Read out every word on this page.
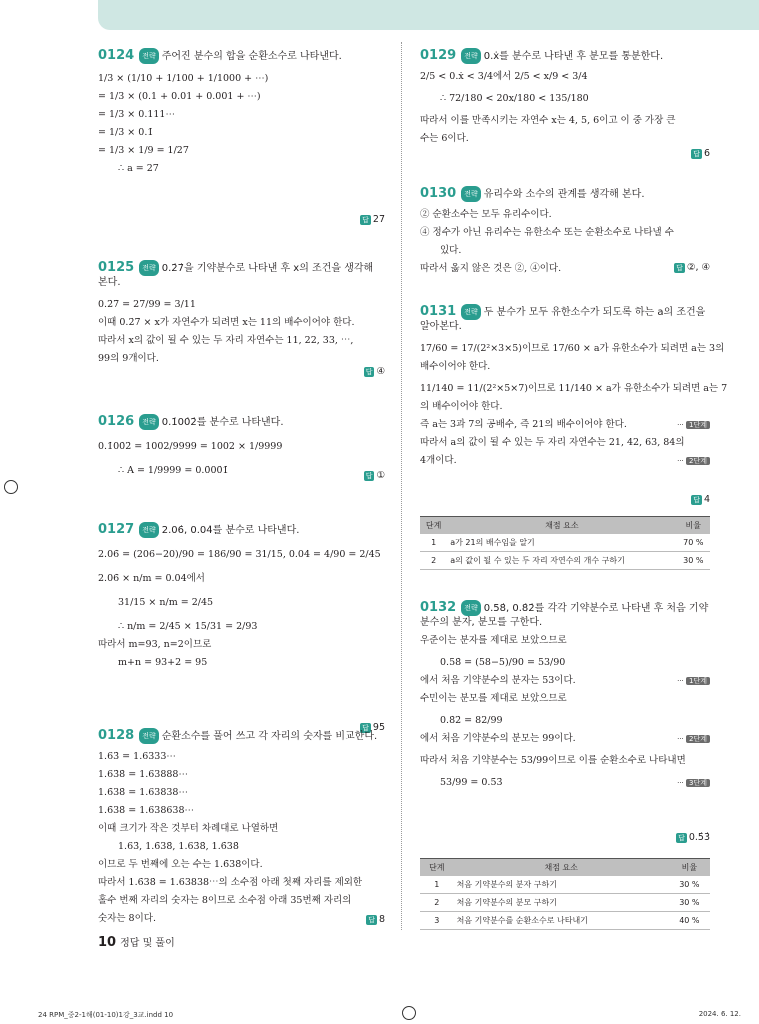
0124 전략 주어진 분수의 합을 순환소수로 나타낸다.
1/3 × (1/10 + 1/100 + 1/1000 + ⋯)
= 1/3 × (0.1 + 0.01 + 0.001 + ⋯)
= 1/3 × 0.111⋯
= 1/3 × 0.1̇
= 1/3 × 1/9 = 1/27
∴ a = 27
답 27
0125 전략 0.2̇7̇을 기약분수로 나타낸 후 x의 조건을 생각해 본다.
0.2̇7̇ = 27/99 = 3/11
이때 0.2̇7̇ × x가 자연수가 되려면 x는 11의 배수이어야 한다.
따라서 x의 값이 될 수 있는 두 자리 자연수는 11, 22, 33, ⋯,
99의 9개이다.
답 ④
0126 전략 0.1̇00̇2̇를 분수로 나타낸다.
0.1̇00̇2̇ = 1002/9999 = 1002 × 1/9999
∴ A = 1/9999 = 0.0̇00̇1̇	답 ①
0127 전략 2.06̇, 0.04̇를 분수로 나타낸다.
2.06̇ = (206−20)/90 = 186/90 = 31/15, 0.04̇ = 4/90 = 2/45
2.06̇ × n/m = 0.04̇에서
31/15 × n/m = 2/45
∴ n/m = 2/45 × 15/31 = 2/93
따라서 m=93, n=2이므로
m+n = 93+2 = 95
답 95
0128 전략 순환소수를 풀어 쓰고 각 자리의 숫자를 비교한다.
1.63̇ = 1.6333⋯
1.63̇8̇ = 1.63888⋯
1.6̇38̇ = 1.63838⋯
1.6̇38̇ = 1.638638⋯
이때 크기가 작은 것부터 차례대로 나열하면
1.63̇, 1.6̇38̇, 1.63̇8̇, 1.6̇38̇
이므로 두 번째에 오는 수는 1.6̇38̇이다.
따라서 1.6̇38̇ = 1.63838⋯의 소수점 아래 첫째 자리를 제외한
홀수 번째 자리의 숫자는 8이므로 소수점 아래 35번째 자리의
숫자는 8이다.	답 8
0129 전략 0.ẋ를 분수로 나타낸 후 분모를 통분한다.
2/5 < 0.ẋ < 3/4에서 2/5 < x/9 < 3/4
∴ 72/180 < 20x/180 < 135/180
따라서 이를 만족시키는 자연수 x는 4, 5, 6이고 이 중 가장 큰
수는 6이다.
답 6
0130 전략 유리수와 소수의 관계를 생각해 본다.
② 순환소수는 모두 유리수이다.
④ 정수가 아닌 유리수는 유한소수 또는 순환소수로 나타낼 수
있다.
따라서 옳지 않은 것은 ②, ④이다.	답 ②, ④
0131 전략 두 분수가 모두 유한소수가 되도록 하는 a의 조건을 알아본다.
17/60 = 17/(2²×3×5)이므로 17/60 × a가 유한소수가 되려면 a는 3의
배수이어야 한다.
11/140 = 11/(2²×5×7)이므로 11/140 × a가 유한소수가 되려면 a는 7
의 배수이어야 한다.
즉 a는 3과 7의 공배수, 즉 21의 배수이어야 한다.	··· 1단계
따라서 a의 값이 될 수 있는 두 자리 자연수는 21, 42, 63, 84의
4개이다.	··· 2단계
답 4
단계	채점 요소	비율
1	a가 21의 배수임을 알기	70 %
2	a의 값이 될 수 있는 두 자리 자연수의 개수 구하기	30 %
0132 전략 0.58̇, 0.8̇2̇를 각각 기약분수로 나타낸 후 처음 기약분수의 분자, 분모를 구한다.
우준이는 분자를 제대로 보았으므로
0.58̇ = (58−5)/90 = 53/90
에서 처음 기약분수의 분자는 53이다.	··· 1단계
수민이는 분모를 제대로 보았으므로
0.8̇2̇ = 82/99
에서 처음 기약분수의 분모는 99이다.	··· 2단계
따라서 처음 기약분수는 53/99이므로 이를 순환소수로 나타내면
53/99 = 0.5̇3̇	··· 3단계
답 0.5̇3̇
단계	채점 요소	비율
1	처음 기약분수의 분자 구하기	30 %
2	처음 기약분수의 분모 구하기	30 %
3	처음 기약분수를 순환소수로 나타내기	40 %
10 정답 및 풀이
24 RPM_중2-1해(01-10)1강_3교.indd 10	2024. 6. 12.
